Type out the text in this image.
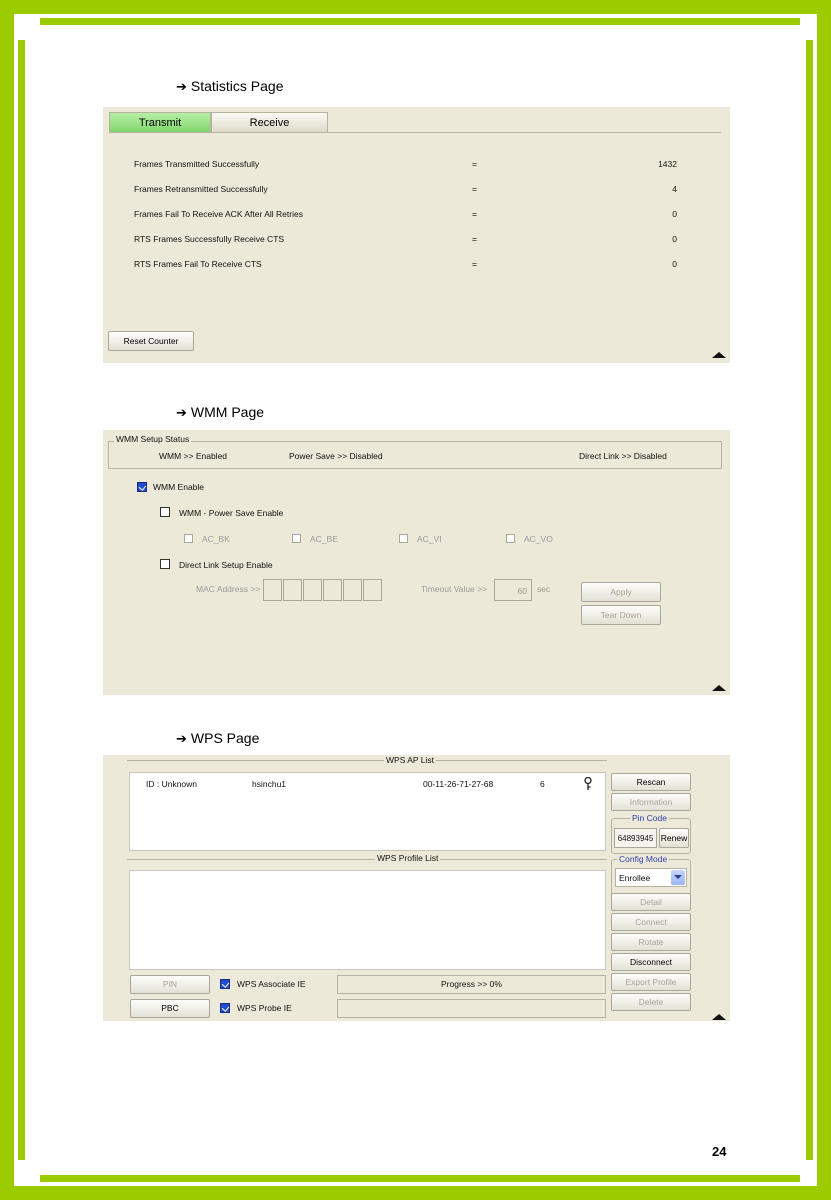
➔ Statistics Page
Transmit	Receive
Frames Transmitted Successfully	=	1432
Frames Retransmitted Successfully	=	4
Frames Fail To Receive ACK After All Retries	=	0
RTS Frames Successfully Receive CTS	=	0
RTS Frames Fail To Receive CTS	=	0
Reset Counter
➔ WMM Page
WMM Setup Status
WMM >> Enabled	Power Save >> Disabled	Direct Link >> Disabled
WMM Enable
WMM - Power Save Enable
AC_BK	AC_BE	AC_VI	AC_VO
Direct Link Setup Enable
MAC Address >>	Timeout Value >>	60	sec	Apply
Tear Down
➔ WPS Page
WPS AP List
ID : Unknown	hsinchu1	00-11-26-71-27-68	6
WPS Profile List
PIN
PBC
WPS Associate IE
WPS Probe IE
Progress >> 0%
Rescan
Information
Pin Code
64893945 Renew
Config Mode
Enrollee
Detail
Connect
Rotate
Disconnect
Export Profile
Delete
24
